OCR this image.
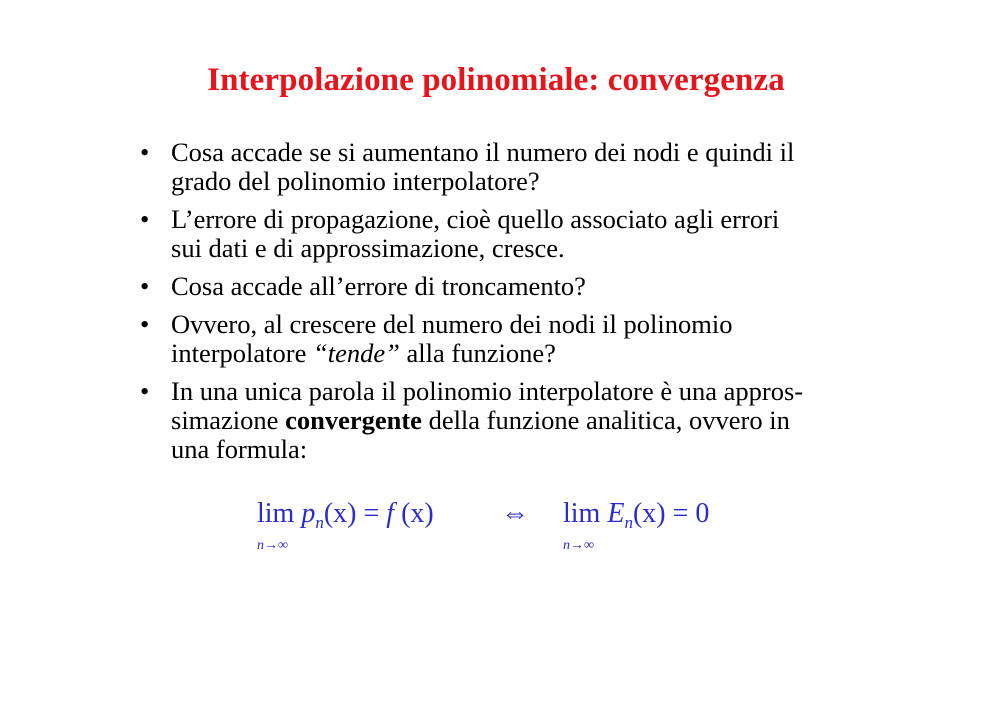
Interpolazione polinomiale: convergenza
• Cosa accade se si aumentano il numero dei nodi e quindi il
grado del polinomio interpolatore?
• L’errore di propagazione, cioè quello associato agli errori
sui dati e di approssimazione, cresce.
• Cosa accade all’errore di troncamento?
• Ovvero, al crescere del numero dei nodi il polinomio
interpolatore “tende” alla funzione?
• In una unica parola il polinomio interpolatore è una appros-
simazione convergente della funzione analitica, ovvero in
una formula:
lim
n→∞
$p_n(x) = f$ (x) ⇔ lim
n→∞
$E_n(x) = 0$
